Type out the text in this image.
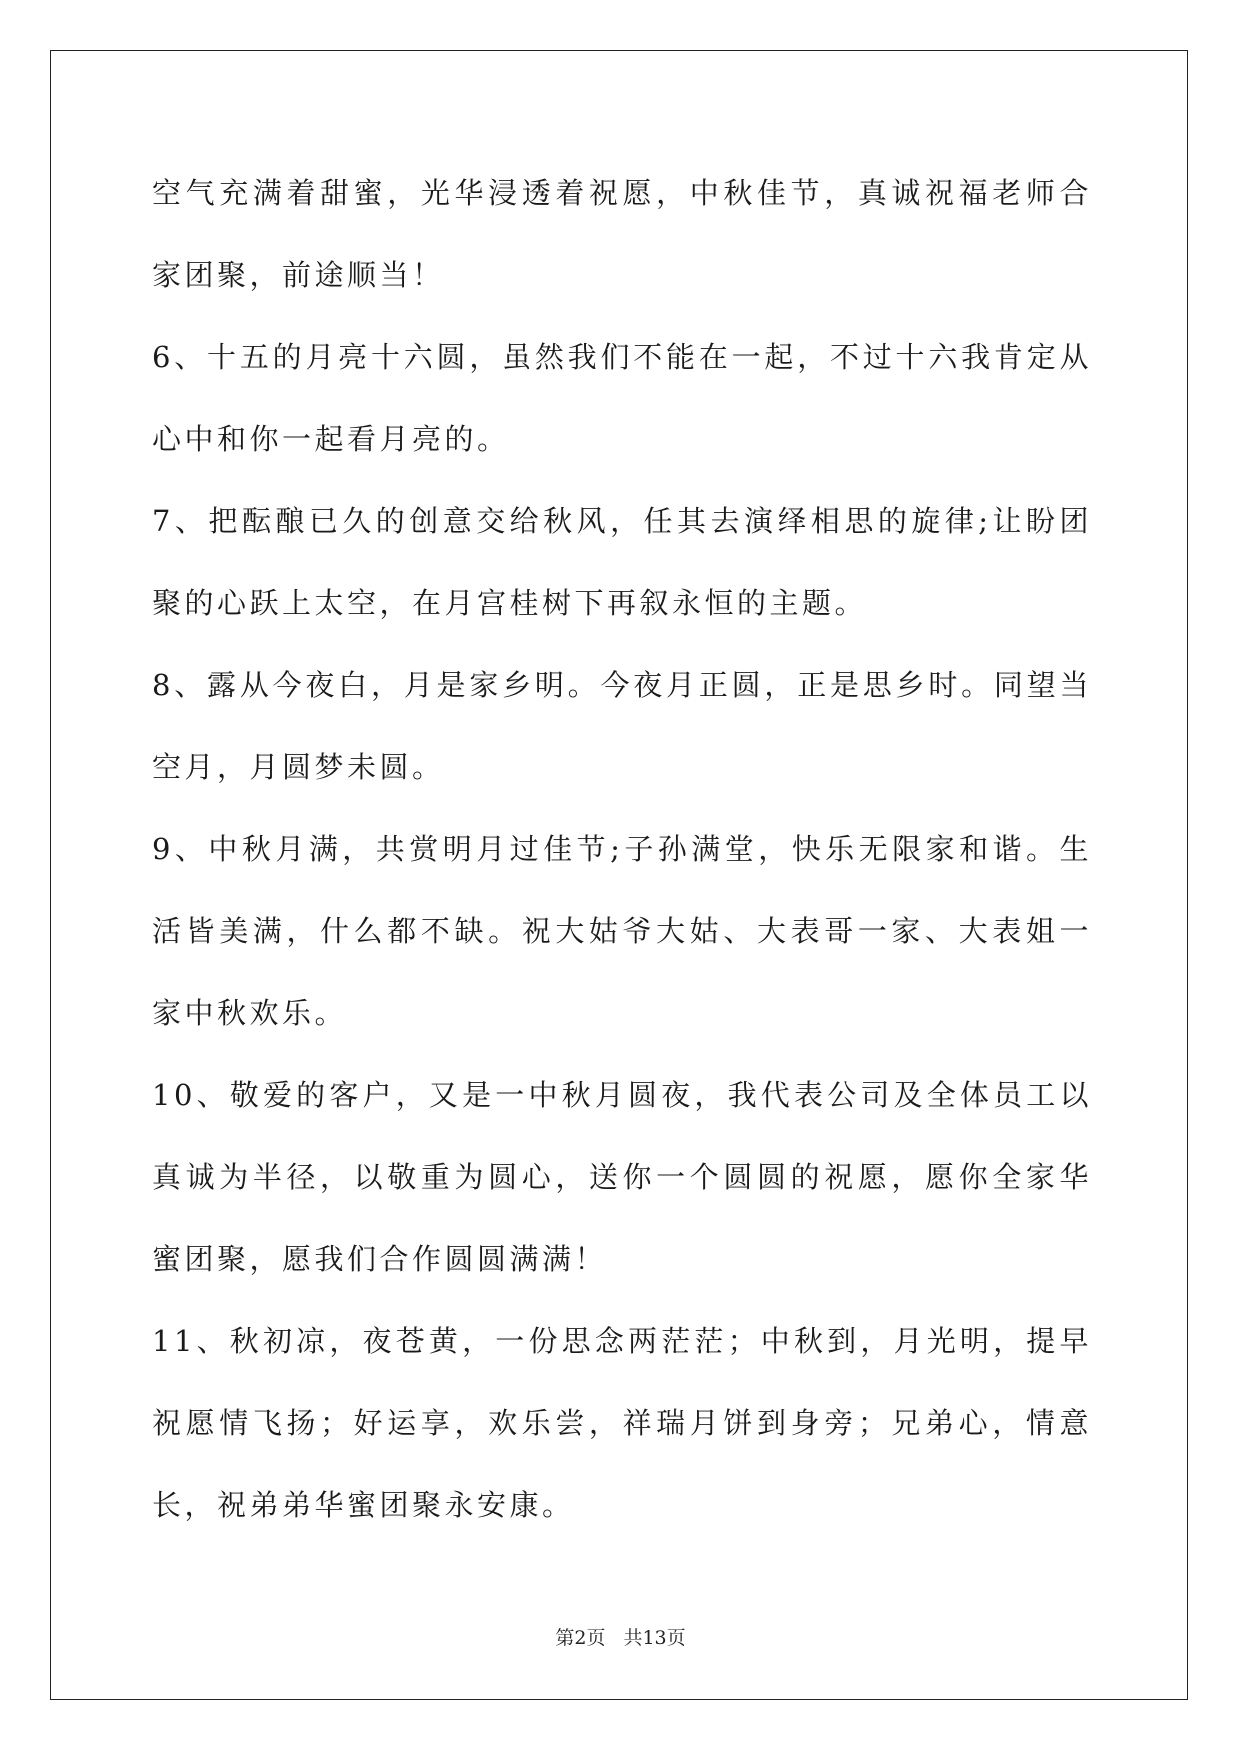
空气充满着甜蜜，光华浸透着祝愿，中秋佳节，真诚祝福老师合家团聚，前途顺当！

6、十五的月亮十六圆，虽然我们不能在一起，不过十六我肯定从心中和你一起看月亮的。

7、把酝酿已久的创意交给秋风，任其去演绎相思的旋律;让盼团聚的心跃上太空，在月宫桂树下再叙永恒的主题。

8、露从今夜白，月是家乡明。今夜月正圆，正是思乡时。同望当空月，月圆梦未圆。

9、中秋月满，共赏明月过佳节;子孙满堂，快乐无限家和谐。生活皆美满，什么都不缺。祝大姑爷大姑、大表哥一家、大表姐一家中秋欢乐。

10、敬爱的客户，又是一中秋月圆夜，我代表公司及全体员工以真诚为半径，以敬重为圆心，送你一个圆圆的祝愿，愿你全家华蜜团聚，愿我们合作圆圆满满！

11、秋初凉，夜苍黄，一份思念两茫茫；中秋到，月光明，提早祝愿情飞扬；好运享，欢乐尝，祥瑞月饼到身旁；兄弟心，情意长，祝弟弟华蜜团聚永安康。

第2页 共13页
